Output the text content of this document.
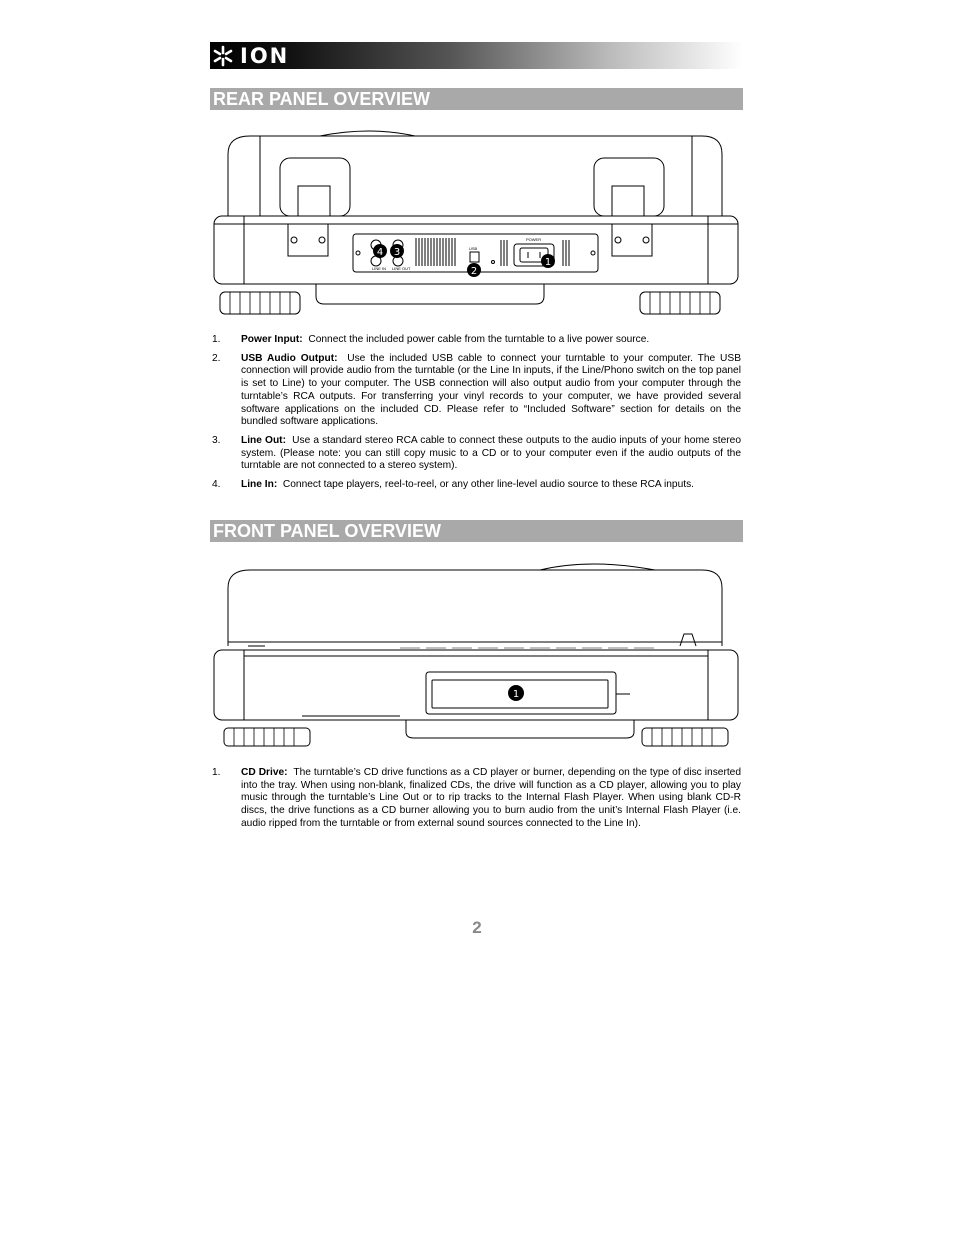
ION
REAR PANEL OVERVIEW
LINE IN LINE OUT
POWER
USB
4 3
2
1
1.	Power Input: Connect the included power cable from the turntable to a live power source.
2.	USB Audio Output: Use the included USB cable to connect your turntable to your computer. The USB connection will provide audio from the turntable (or the Line In inputs, if the Line/Phono switch on the top panel is set to Line) to your computer. The USB connection will also output audio from your computer through the turntable’s RCA outputs. For transferring your vinyl records to your computer, we have provided several software applications on the included CD. Please refer to “Included Software” section for details on the bundled software applications.
3.	Line Out: Use a standard stereo RCA cable to connect these outputs to the audio inputs of your home stereo system. (Please note: you can still copy music to a CD or to your computer even if the audio outputs of the turntable are not connected to a stereo system).
4.	Line In: Connect tape players, reel-to-reel, or any other line-level audio source to these RCA inputs.
FRONT PANEL OVERVIEW
1
1.	CD Drive: The turntable’s CD drive functions as a CD player or burner, depending on the type of disc inserted into the tray. When using non-blank, finalized CDs, the drive will function as a CD player, allowing you to play music through the turntable’s Line Out or to rip tracks to the Internal Flash Player. When using blank CD-R discs, the drive functions as a CD burner allowing you to burn audio from the unit’s Internal Flash Player (i.e. audio ripped from the turntable or from external sound sources connected to the Line In).
2
